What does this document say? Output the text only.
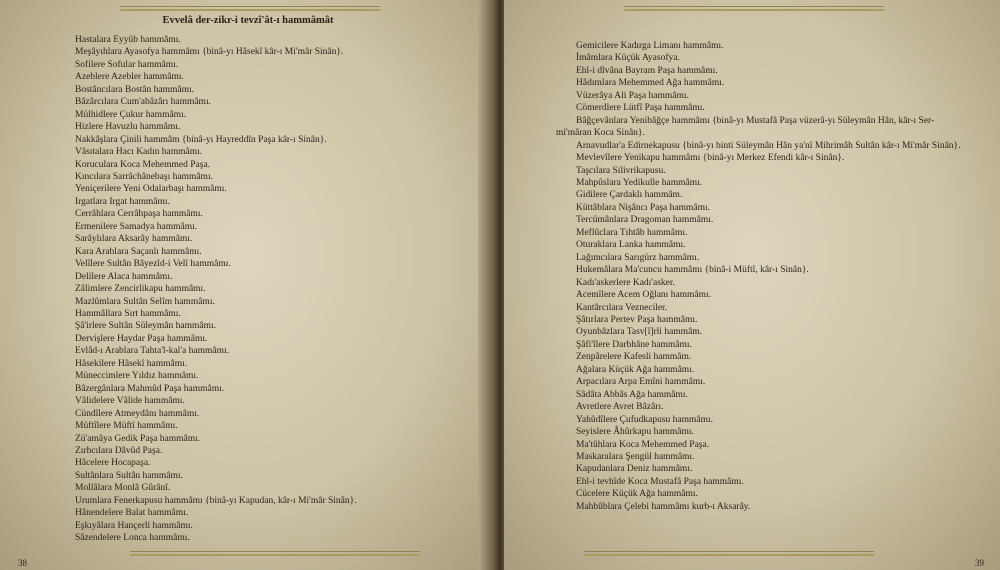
Evvelâ der-zikr-i tevzî'ât-ı hammâmât
Hastalara Eyyûb hammâmı.
Meşâyıhlara Ayasofya hammâmı {binâ-yı Hâsekî kâr-ı Mi'mâr Sinân}.
Sofilere Sofular hammâmı.
Azeblere Azebler hammâmı.
Bostâncılara Bostân hammâmı.
Bâzârcılara Cum'abâzârı hammâmı.
Mülhidlere Çukur hammâmı.
Hizlere Havuzlu hammâmı.
Nakkâşlara Çinili hammâm {binâ-yı Hayreddîn Paşa kâr-ı Sinân}.
Vâsıtalara Hacı Kadın hammâmı.
Koruculara Koca Mehemmed Paşa.
Kıncılara Sarrâchânebaşı hammâmı.
Yeniçerilere Yeni Odalarbaşı hammâmı.
Irgatlara Irgat hammâmı.
Cerrâhlara Cerrâhpaşa hammâmı.
Ermenilere Samadya hammâmı.
Sarâylılara Aksarây hammâmı.
Kara Arablara Saçanlı hammâmı.
Velîlere Sultân Bâyezîd-i Velî hammâmı.
Delilere Alaca hammâmı.
Zâlimlere Zencirlikapu hammâmı.
Mazlûmlara Sultân Selîm hammâmı.
Hammâllara Sırt hammâmı.
Şâ'irlere Sultân Süleymân hammâmı.
Dervişlere Haydar Paşa hammâmı.
Evlâd-ı Arablara Tahta'l-kal'a hammâmı.
Hâsekilere Hâsekî hammâmı.
Müneccimlere Yıldız hammâmı.
Bâzergânlara Mahmûd Paşa hammâmı.
Vâlidelere Vâlide hammâmı.
Cündîlere Atmeydânı hammâmı.
Müftîlere Müftî hammâmı.
Zü'amâya Gedik Paşa hammâmı.
Zırhcılara Dâvûd Paşa.
Hâcelere Hocapaşa.
Sultânlara Sultân hammâmı.
Mollâlara Monlâ Gûrânî.
Urumlara Fenerkapusu hammâmı {binâ-yı Kapudan, kâr-ı Mi'mâr Sinân}.
Hânendelere Balat hammâmı.
Eşkıyâlara Hançerli hammâmı.
Sâzendelere Lonca hammâmı.
38
Gemicilere Kadırga Limanı hammâmı.
İmâmlara Küçük Ayasofya.
Ehl-i dîvâna Bayram Paşa hammâmı.
Hâdımlara Mehemmed Ağa hammâmı.
Vüzerâya Ali Paşa hammâmı.
Cömerdlere Lütfî Paşa hammâmı.
Bâğçevânlara Yenibâğçe hammâmı {binâ-yı Mustafâ Paşa vüzerâ-yı Süleymân Hân, kâr-ı Ser-
mi'mâran Koca Sinân}.
Arnavudlar'a Edirnekapusu {binâ-yı binti Süleymân Hân ya'nî Mihrimâh Sultân kâr-ı Mi'mâr Sinân}.
Mevlevîlere Yenikapu hammâmı {binâ-yı Merkez Efendi kâr-ı Sinân}.
Taşcılara Silivrikapusu.
Mahpûslara Yedikulle hammâmı.
Gidilere Çardaklı hammâm.
Küttâblara Nişâncı Paşa hammâmı.
Tercümânlara Dragoman hammâmı.
Meflûclara Tıhtâb hammâmı.
Oturaklara Lanka hammâmı.
Lağımcılara Sarıgürz hammâmı.
Hukemâlara Ma'cuncu hammâmı {binâ-i Müftî, kâr-ı Sinân}.
Kadı'askerlere Kadı'asker.
Acemîlere Acem Oğlanı hammâmı.
Kantârcılara Vezneciler.
Şâtırlara Pertev Paşa hammâmı.
Oyunbâzlara Tasv[î]rli hammâm.
Şâfi'îlere Darbhâne hammâmı.
Zenpârelere Kafesli hammâm.
Ağalara Küçük Ağa hammâmı.
Arpacılara Arpa Emîni hammâmı.
Sâdâta Abbâs Ağa hammâmı.
Avretlere Avret Bâzârı.
Yahûdîlere Çufudkapusu hammâmı.
Seyislere Âhûrkapu hammâmı.
Ma'tûhlara Koca Mehemmed Paşa.
Maskaralara Şengül hammâmı.
Kapudanlara Deniz hammâmı.
Ehl-i tevhîde Koca Mustafâ Paşa hammâmı.
Cücelere Küçük Ağa hammâmı.
Mahbûblara Çelebi hammâmı kurb-ı Aksarây.
39
